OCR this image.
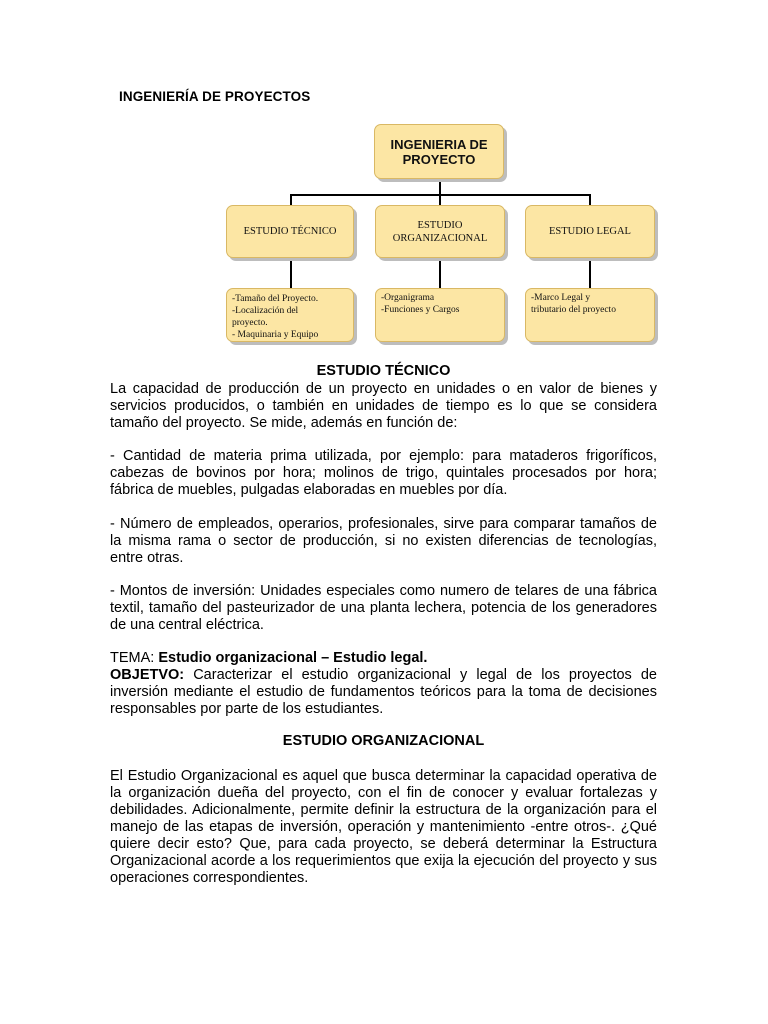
INGENIERÍA DE PROYECTOS
INGENIERIA DE
PROYECTO
ESTUDIO TÉCNICO
ESTUDIO
ORGANIZACIONAL
ESTUDIO LEGAL
-Tamaño del Proyecto.
-Localización del
proyecto.
- Maquinaria y Equipo
-Organigrama
-Funciones y Cargos
-Marco Legal y
tributario del proyecto
ESTUDIO TÉCNICO
La capacidad de producción de un proyecto en unidades o en valor de bienes y servicios producidos, o también en unidades de tiempo es lo que se considera tamaño del proyecto. Se mide, además en función de:
- Cantidad de materia prima utilizada, por ejemplo: para mataderos frigoríficos, cabezas de bovinos por hora; molinos de trigo, quintales procesados por hora; fábrica de muebles, pulgadas elaboradas en muebles por día.
- Número de empleados, operarios, profesionales, sirve para comparar tamaños de la misma rama o sector de producción, si no existen diferencias de tecnologías, entre otras.
- Montos de inversión: Unidades especiales como numero de telares de una fábrica textil, tamaño del pasteurizador de una planta lechera, potencia de los generadores de una central eléctrica.
TEMA: Estudio organizacional – Estudio legal.
OBJETVO: Caracterizar el estudio organizacional y legal de los proyectos de inversión mediante el estudio de fundamentos teóricos para la toma de decisiones responsables por parte de los estudiantes.
ESTUDIO ORGANIZACIONAL
El Estudio Organizacional es aquel que busca determinar la capacidad operativa de la organización dueña del proyecto, con el fin de conocer y evaluar fortalezas y debilidades. Adicionalmente, permite definir la estructura de la organización para el manejo de las etapas de inversión, operación y mantenimiento -entre otros-. ¿Qué quiere decir esto? Que, para cada proyecto, se deberá determinar la Estructura Organizacional acorde a los requerimientos que exija la ejecución del proyecto y sus operaciones correspondientes.
